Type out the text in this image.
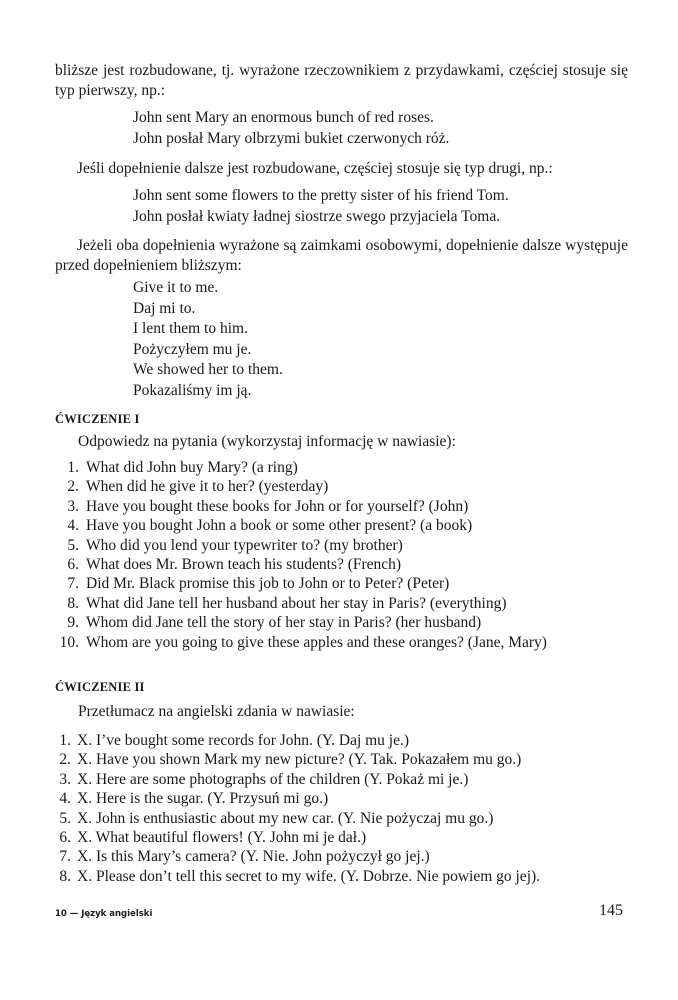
bliższe jest rozbudowane, tj. wyrażone rzeczownikiem z przydawkami, częściej stosuje się typ pierwszy, np.:

John sent Mary an enormous bunch of red roses.
John posłał Mary olbrzymi bukiet czerwonych róż.

Jeśli dopełnienie dalsze jest rozbudowane, częściej stosuje się typ drugi, np.:

John sent some flowers to the pretty sister of his friend Tom.
John posłał kwiaty ładnej siostrze swego przyjaciela Toma.

Jeżeli oba dopełnienia wyrażone są zaimkami osobowymi, dopełnienie dalsze występuje przed dopełnieniem bliższym:

Give it to me.
Daj mi to.
I lent them to him.
Pożyczyłem mu je.
We showed her to them.
Pokazaliśmy im ją.
ĆWICZENIE I
Odpowiedz na pytania (wykorzystaj informację w nawiasie):
1. What did John buy Mary? (a ring)
2. When did he give it to her? (yesterday)
3. Have you bought these books for John or for yourself? (John)
4. Have you bought John a book or some other present? (a book)
5. Who did you lend your typewriter to? (my brother)
6. What does Mr. Brown teach his students? (French)
7. Did Mr. Black promise this job to John or to Peter? (Peter)
8. What did Jane tell her husband about her stay in Paris? (everything)
9. Whom did Jane tell the story of her stay in Paris? (her husband)
10. Whom are you going to give these apples and these oranges? (Jane, Mary)
ĆWICZENIE II
Przetłumacz na angielski zdania w nawiasie:
1. X. I’ve bought some records for John. (Y. Daj mu je.)
2. X. Have you shown Mark my new picture? (Y. Tak. Pokazałem mu go.)
3. X. Here are some photographs of the children (Y. Pokaż mi je.)
4. X. Here is the sugar. (Y. Przysuń mi go.)
5. X. John is enthusiastic about my new car. (Y. Nie pożyczaj mu go.)
6. X. What beautiful flowers! (Y. John mi je dał.)
7. X. Is this Mary’s camera? (Y. Nie. John pożyczył go jej.)
8. X. Please don’t tell this secret to my wife. (Y. Dobrze. Nie powiem go jej).
10 — Język angielski	145
